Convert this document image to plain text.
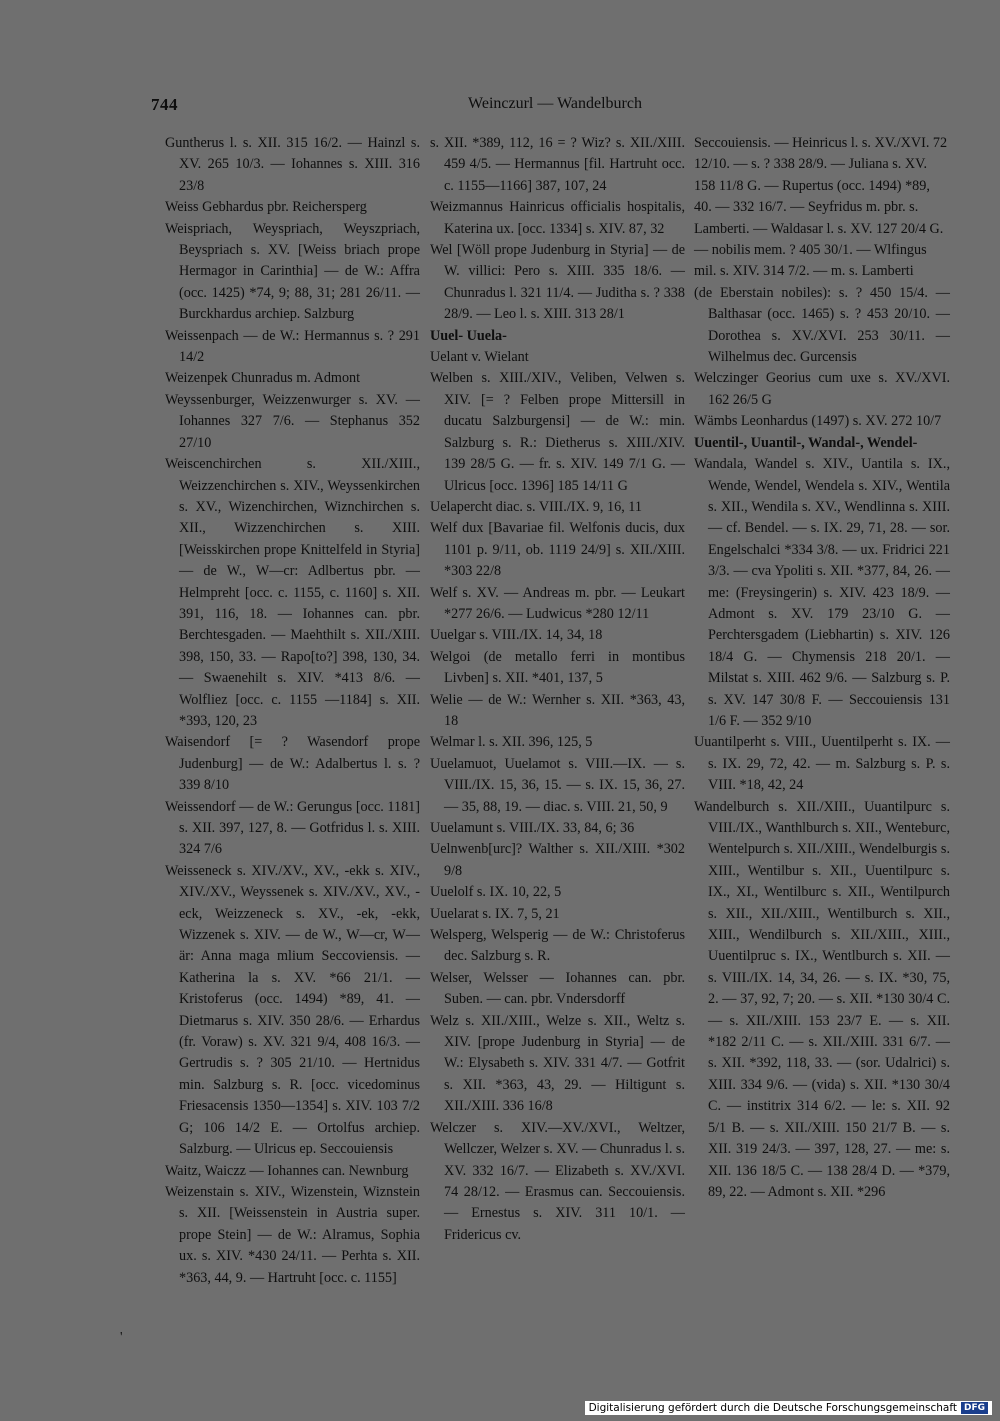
744	Weinczurl — Wandelburch

Guntherus l. s. XII. 315 16/2. — Hainzl s. XV. 265 10/3. — Iohannes s. XIII. 316 23/8

Weiss Gebhardus pbr. Reichersperg

Weispriach, Weyspriach, Weyszpriach, Beyspriach s. XV. [Weiss briach prope Hermagor in Carinthia] — de W.: Affra (occ. 1425) *74, 9; 88, 31; 281 26/11. — Burckhardus archiep. Salzburg

Weissenpach — de W.: Hermannus s. ? 291 14/2

Weizenpek Chunradus m. Admont

Weyssenburger, Weizzenwurger s. XV. — Iohannes 327 7/6. — Stephanus 352 27/10

Weiscenchirchen s. XII./XIII., Weizzenchirchen s. XIV., Weyssenkirchen s. XV., Wizenchirchen, Wiznchirchen s. XII., Wizzenchirchen s. XIII. [Weisskirchen prope Knittelfeld in Styria] — de W., W—cr: Adlbertus pbr. — Helmpreht [occ. c. 1155, c. 1160] s. XII. 391, 116, 18. — Iohannes can. pbr. Berchtesgaden. — Maehthilt s. XII./XIII. 398, 150, 33. — Rapo[to?] 398, 130, 34. — Swaenehilt s. XIV. *413 8/6. — Wolfliez [occ. c. 1155 —1184] s. XII. *393, 120, 23

Waisendorf [= ? Wasendorf prope Judenburg] — de W.: Adalbertus l. s. ? 339 8/10

Weissendorf — de W.: Gerungus [occ. 1181] s. XII. 397, 127, 8. — Gotfridus l. s. XIII. 324 7/6

Weisseneck s. XIV./XV., XV., -ekk s. XIV., XIV./XV., Weyssenek s. XIV./XV., XV., -eck, Weizzeneck s. XV., -ek, -ekk, Wizzenek s. XIV. — de W., W—cr, W—är: Anna maga mlium Seccoviensis. — Katherina la s. XV. *66 21/1. — Kristoferus (occ. 1494) *89, 41. — Dietmarus s. XIV. 350 28/6. — Erhardus (fr. Voraw) s. XV. 321 9/4, 408 16/3. — Gertrudis s. ? 305 21/10. — Hertnidus min. Salzburg s. R. [occ. vicedominus Friesacensis 1350—1354] s. XIV. 103 7/2 G; 106 14/2 E. — Ortolfus archiep. Salzburg. — Ulricus ep. Seccouiensis

Waitz, Waiczz — Iohannes can. Newnburg

Weizenstain s. XIV., Wizenstein, Wiznstein s. XII. [Weissenstein in Austria super. prope Stein] — de W.: Alramus, Sophia ux. s. XIV. *430 24/11. — Perhta s. XII. *363, 44, 9. — Hartruht [occ. c. 1155]

s. XII. *389, 112, 16 = ? Wiz? s. XII./XIII. 459 4/5. — Hermannus [fil. Hartruht occ. c. 1155—1166] 387, 107, 24

Weizmannus Hainricus officialis hospitalis, Katerina ux. [occ. 1334] s. XIV. 87, 32

Wel [Wöll prope Judenburg in Styria] — de W. villici: Pero s. XIII. 335 18/6. — Chunradus l. 321 11/4. — Juditha s. ? 338 28/9. — Leo l. s. XIII. 313 28/1

Uuel- Uuela-

Uelant v. Wielant

Welben s. XIII./XIV., Veliben, Velwen s. XIV. [= ? Felben prope Mittersill in ducatu Salzburgensi] — de W.: min. Salzburg s. R.: Dietherus s. XIII./XIV. 139 28/5 G. — fr. s. XIV. 149 7/1 G. — Ulricus [occ. 1396] 185 14/11 G

Uelapercht diac. s. VIII./IX. 9, 16, 11

Welf dux [Bavariae fil. Welfonis ducis, dux 1101 p. 9/11, ob. 1119 24/9] s. XII./XIII. *303 22/8

Welf s. XV. — Andreas m. pbr. — Leukart *277 26/6. — Ludwicus *280 12/11

Uuelgar s. VIII./IX. 14, 34, 18

Welgoi (de metallo ferri in montibus Livben] s. XII. *401, 137, 5

Welie — de W.: Wernher s. XII. *363, 43, 18

Welmar l. s. XII. 396, 125, 5

Uuelamuot, Uuelamot s. VIII.—IX. — s. VIII./IX. 15, 36, 15. — s. IX. 15, 36, 27. — 35, 88, 19. — diac. s. VIII. 21, 50, 9

Uuelamunt s. VIII./IX. 33, 84, 6; 36

Uelnwenb[urc]? Walther s. XII./XIII. *302 9/8

Uuelolf s. IX. 10, 22, 5

Uuelarat s. IX. 7, 5, 21

Welsperg, Welsperig — de W.: Christoferus dec. Salzburg s. R.

Welser, Welsser — Iohannes can. pbr. Suben. — can. pbr. Vndersdorff

Welz s. XII./XIII., Welze s. XII., Weltz s. XIV. [prope Judenburg in Styria] — de W.: Elysabeth s. XIV. 331 4/7. — Gotfrit s. XII. *363, 43, 29. — Hiltigunt s. XII./XIII. 336 16/8

Welczer s. XIV.—XV./XVI., Weltzer, Wellczer, Welzer s. XV. — Chunradus l. s. XV. 332 16/7. — Elizabeth s. XV./XVI. 74 28/12. — Erasmus can. Seccouiensis. — Ernestus s. XIV. 311 10/1. — Fridericus cv.

Seccouiensis. — Heinricus l. s. XV./XVI. 72 12/10. — s. ? 338 28/9. — Juliana s. XV. 158 11/8 G. — Rupertus (occ. 1494) *89, 40. — 332 16/7. — Seyfridus m. pbr. s. Lamberti. — Waldasar l. s. XV. 127 20/4 G. — nobilis mem. ? 405 30/1. — Wlfingus mil. s. XIV. 314 7/2. — m. s. Lamberti

(de Eberstain nobiles): s. ? 450 15/4. — Balthasar (occ. 1465) s. ? 453 20/10. — Dorothea s. XV./XVI. 253 30/11. — Wilhelmus dec. Gurcensis

Welczinger Georius cum uxe s. XV./XVI. 162 26/5 G

Wämbs Leonhardus (1497) s. XV. 272 10/7

Uuentil-, Uuantil-, Wandal-, Wendel-

Wandala, Wandel s. XIV., Uantila s. IX., Wende, Wendel, Wendela s. XIV., Wentila s. XII., Wendila s. XV., Wendlinna s. XIII. — cf. Bendel. — s. IX. 29, 71, 28. — sor. Engelschalci *334 3/8. — ux. Fridrici 221 3/3. — cva Ypoliti s. XII. *377, 84, 26. — me: (Freysingerin) s. XIV. 423 18/9. — Admont s. XV. 179 23/10 G. — Perchtersgadem (Liebhartin) s. XIV. 126 18/4 G. — Chymensis 218 20/1. — Milstat s. XIII. 462 9/6. — Salzburg s. P. s. XV. 147 30/8 F. — Seccouiensis 131 1/6 F. — 352 9/10

Uuantilperht s. VIII., Uuentilperht s. IX. — s. IX. 29, 72, 42. — m. Salzburg s. P. s. VIII. *18, 42, 24

Wandelburch s. XII./XIII., Uuantilpurc s. VIII./IX., Wanthlburch s. XII., Wenteburc, Wentelpurch s. XII./XIII., Wendelburgis s. XIII., Wentilbur s. XII., Uuentilpurc s. IX., XI., Wentilburc s. XII., Wentilpurch s. XII., XII./XIII., Wentilburch s. XII., XIII., Wendilburch s. XII./XIII., XIII., Uuentilpruc s. IX., Wentlburch s. XII. — s. VIII./IX. 14, 34, 26. — s. IX. *30, 75, 2. — 37, 92, 7; 20. — s. XII. *130 30/4 C. — s. XII./XIII. 153 23/7 E. — s. XII. *182 2/11 C. — s. XII./XIII. 331 6/7. — s. XII. *392, 118, 33. — (sor. Udalrici) s. XIII. 334 9/6. — (vida) s. XII. *130 30/4 C. — institrix 314 6/2. — le: s. XII. 92 5/1 B. — s. XII./XIII. 150 21/7 B. — s. XII. 319 24/3. — 397, 128, 27. — me: s. XII. 136 18/5 C. — 138 28/4 D. — *379, 89, 22. — Admont s. XII. *296

'
Digitalisierung gefördert durch die Deutsche Forschungsgemeinschaft DFG
